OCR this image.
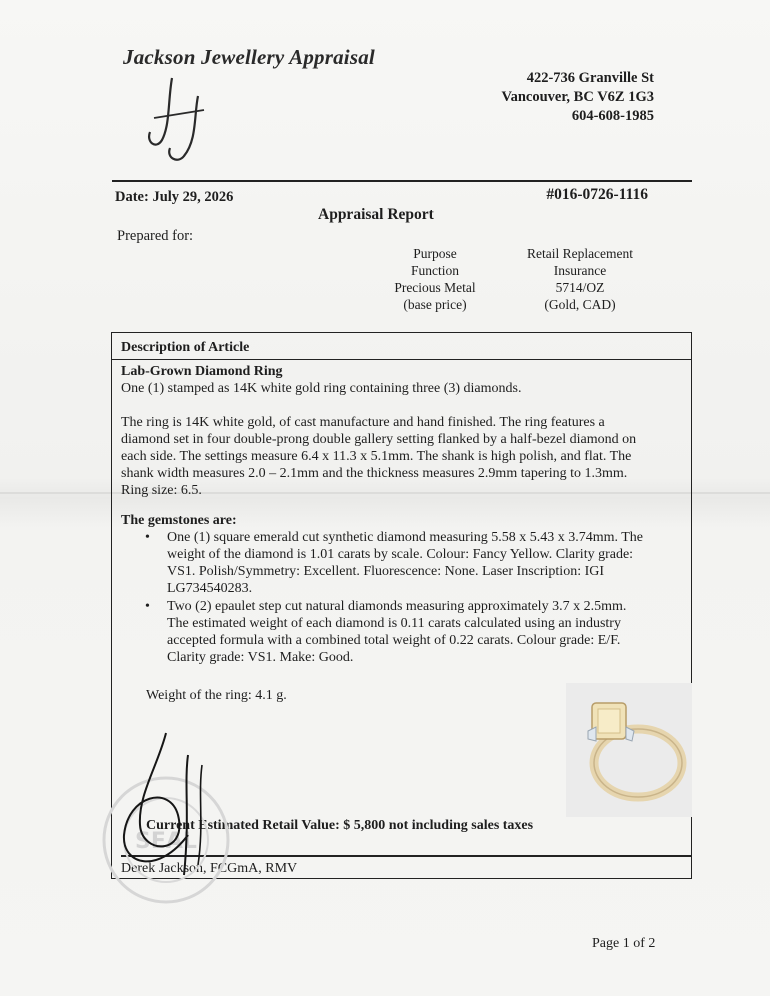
Jackson Jewellery Appraisal
422-736 Granville St
Vancouver, BC V6Z 1G3
604-608-1985
Date: July 29, 2026	#016-0726-1116
Appraisal Report
Prepared for:
Purpose	Retail Replacement
Function	Insurance
Precious Metal	5714/OZ
(base price)	(Gold, CAD)
Description of Article
Lab-Grown Diamond Ring
One (1) stamped as 14K white gold ring containing three (3) diamonds.
The ring is 14K white gold, of cast manufacture and hand finished. The ring features a
diamond set in four double-prong double gallery setting flanked by a half-bezel diamond on
each side. The settings measure 6.4 x 11.3 x 5.1mm. The shank is high polish, and flat. The
shank width measures 2.0 – 2.1mm and the thickness measures 2.9mm tapering to 1.3mm.
Ring size: 6.5.
The gemstones are:
• One (1) square emerald cut synthetic diamond measuring 5.58 x 5.43 x 3.74mm. The
weight of the diamond is 1.01 carats by scale. Colour: Fancy Yellow. Clarity grade:
VS1. Polish/Symmetry: Excellent. Fluorescence: None. Laser Inscription: IGI
LG734540283.
• Two (2) epaulet step cut natural diamonds measuring approximately 3.7 x 2.5mm.
The estimated weight of each diamond is 0.11 carats calculated using an industry
accepted formula with a combined total weight of 0.22 carats. Colour grade: E/F.
Clarity grade: VS1. Make: Good.
Weight of the ring: 4.1 g.
Current Estimated Retail Value: $ 5,800 not including sales taxes
Derek Jackson, FCGmA, RMV
SEAL
Page 1 of 2
